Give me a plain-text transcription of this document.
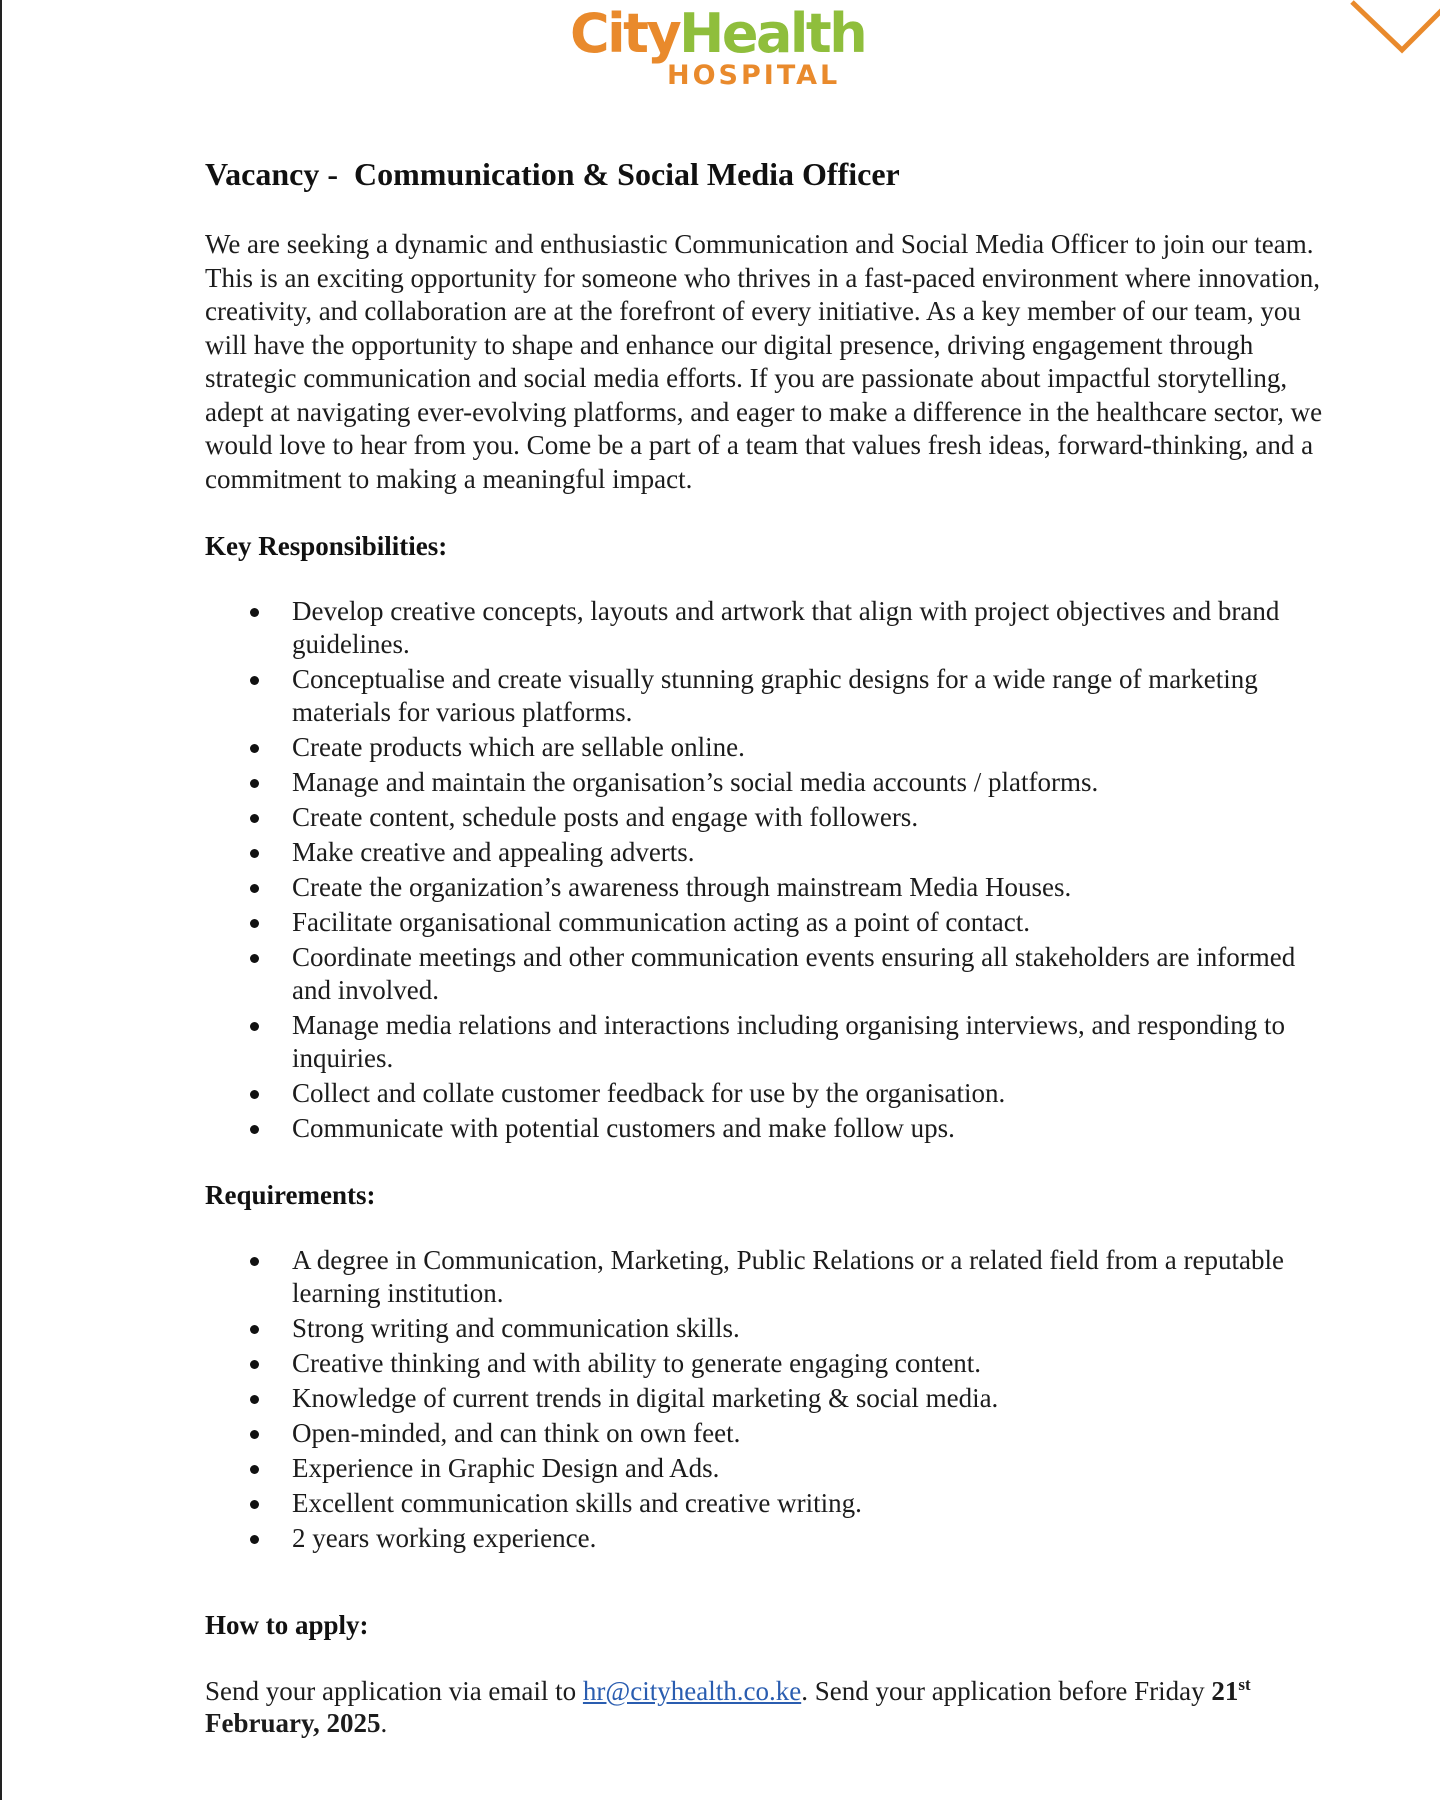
CityHealth
HOSPITAL
Vacancy -  Communication & Social Media Officer

We are seeking a dynamic and enthusiastic Communication and Social Media Officer to join our team. This is an exciting opportunity for someone who thrives in a fast-paced environment where innovation, creativity, and collaboration are at the forefront of every initiative. As a key member of our team, you will have the opportunity to shape and enhance our digital presence, driving engagement through strategic communication and social media efforts. If you are passionate about impactful storytelling, adept at navigating ever-evolving platforms, and eager to make a difference in the healthcare sector, we would love to hear from you. Come be a part of a team that values fresh ideas, forward-thinking, and a commitment to making a meaningful impact.

Key Responsibilities:
Develop creative concepts, layouts and artwork that align with project objectives and brand guidelines.
Conceptualise and create visually stunning graphic designs for a wide range of marketing materials for various platforms.
Create products which are sellable online.
Manage and maintain the organisation’s social media accounts / platforms.
Create content, schedule posts and engage with followers.
Make creative and appealing adverts.
Create the organization’s awareness through mainstream Media Houses.
Facilitate organisational communication acting as a point of contact.
Coordinate meetings and other communication events ensuring all stakeholders are informed and involved.
Manage media relations and interactions including organising interviews, and responding to inquiries.
Collect and collate customer feedback for use by the organisation.
Communicate with potential customers and make follow ups.
Requirements:
A degree in Communication, Marketing, Public Relations or a related field from a reputable learning institution.
Strong writing and communication skills.
Creative thinking and with ability to generate engaging content.
Knowledge of current trends in digital marketing & social media.
Open-minded, and can think on own feet.
Experience in Graphic Design and Ads.
Excellent communication skills and creative writing.
2 years working experience.
How to apply:
Send your application via email to hr@cityhealth.co.ke. Send your application before Friday 21st February, 2025.
